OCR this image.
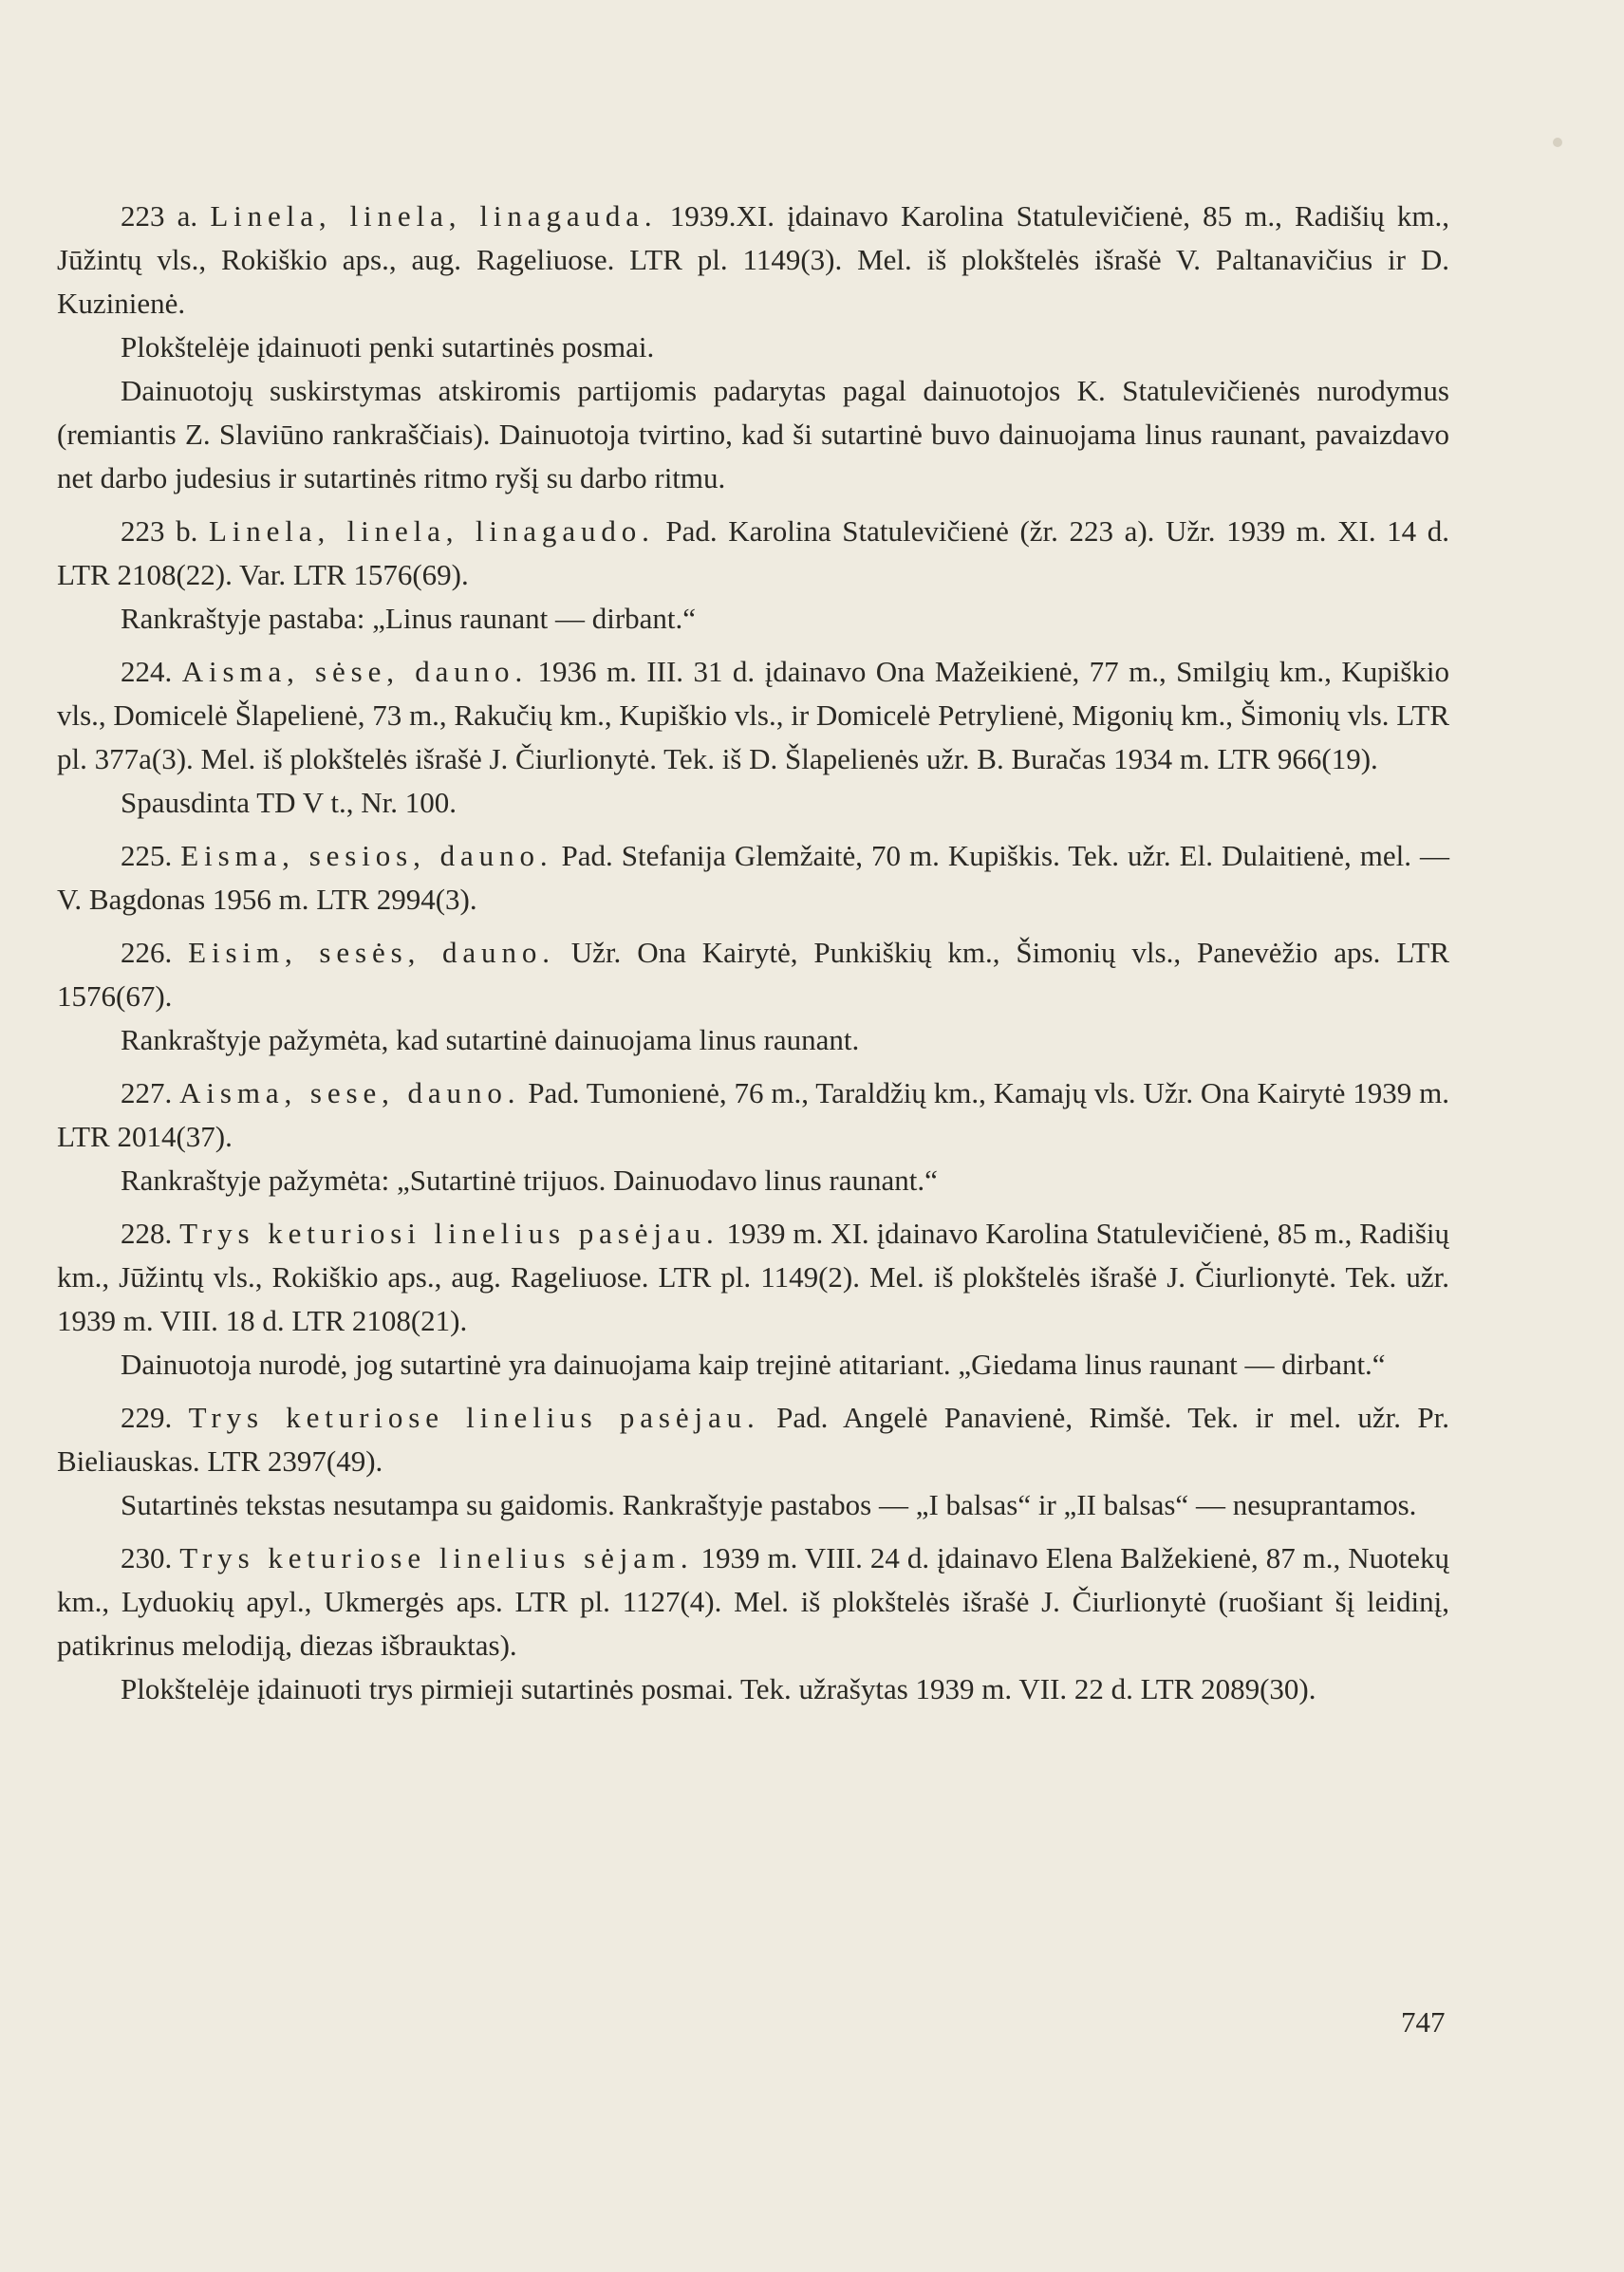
223 a. Linela, linela, linagauda. 1939.XI. įdainavo Karolina Statulevičienė, 85 m., Radišių km., Jūžintų vls., Rokiškio aps., aug. Rageliuose. LTR pl. 1149(3). Mel. iš plokštelės išrašė V. Paltanavičius ir D. Kuzinienė.

Plokštelėje įdainuoti penki sutartinės posmai.

Dainuotojų suskirstymas atskiromis partijomis padarytas pagal dainuotojos K. Statulevičienės nurodymus (remiantis Z. Slaviūno rankraščiais). Dainuotoja tvirtino, kad ši sutartinė buvo dainuojama linus raunant, pavaizdavo net darbo judesius ir sutartinės ritmo ryšį su darbo ritmu.

223 b. Linela, linela, linagaudo. Pad. Karolina Statulevičienė (žr. 223 a). Užr. 1939 m. XI. 14 d. LTR 2108(22). Var. LTR 1576(69).

Rankraštyje pastaba: „Linus raunant — dirbant.“

224. Aisma, sėse, dauno. 1936 m. III. 31 d. įdainavo Ona Mažeikienė, 77 m., Smilgių km., Kupiškio vls., Domicelė Šlapelienė, 73 m., Rakučių km., Kupiškio vls., ir Domicelė Petrylienė, Migonių km., Šimonių vls. LTR pl. 377a(3). Mel. iš plokštelės išrašė J. Čiurlionytė. Tek. iš D. Šlapelienės užr. B. Buračas 1934 m. LTR 966(19).

Spausdinta TD V t., Nr. 100.

225. Eisma, sesios, dauno. Pad. Stefanija Glemžaitė, 70 m. Kupiškis. Tek. užr. El. Dulaitienė, mel. — V. Bagdonas 1956 m. LTR 2994(3).

226. Eisim, sesės, dauno. Užr. Ona Kairytė, Punkiškių km., Šimonių vls., Panevėžio aps. LTR 1576(67).

Rankraštyje pažymėta, kad sutartinė dainuojama linus raunant.

227. Aisma, sese, dauno. Pad. Tumonienė, 76 m., Taraldžių km., Kamajų vls. Užr. Ona Kairytė 1939 m. LTR 2014(37).

Rankraštyje pažymėta: „Sutartinė trijuos. Dainuodavo linus raunant.“

228. Trys keturiosi linelius pasėjau. 1939 m. XI. įdainavo Karolina Statulevičienė, 85 m., Radišių km., Jūžintų vls., Rokiškio aps., aug. Rageliuose. LTR pl. 1149(2). Mel. iš plokštelės išrašė J. Čiurlionytė. Tek. užr. 1939 m. VIII. 18 d. LTR 2108(21).

Dainuotoja nurodė, jog sutartinė yra dainuojama kaip trejinė atitariant. „Giedama linus raunant — dirbant.“

229. Trys keturiose linelius pasėjau. Pad. Angelė Panavienė, Rimšė. Tek. ir mel. užr. Pr. Bieliauskas. LTR 2397(49).

Sutartinės tekstas nesutampa su gaidomis. Rankraštyje pastabos — „I balsas“ ir „II balsas“ — nesuprantamos.

230. Trys keturiose linelius sėjam. 1939 m. VIII. 24 d. įdainavo Elena Balžekienė, 87 m., Nuotekų km., Lyduokių apyl., Ukmergės aps. LTR pl. 1127(4). Mel. iš plokštelės išrašė J. Čiurlionytė (ruošiant šį leidinį, patikrinus melodiją, diezas išbrauktas).

Plokštelėje įdainuoti trys pirmieji sutartinės posmai. Tek. užrašytas 1939 m. VII. 22 d. LTR 2089(30).

747
